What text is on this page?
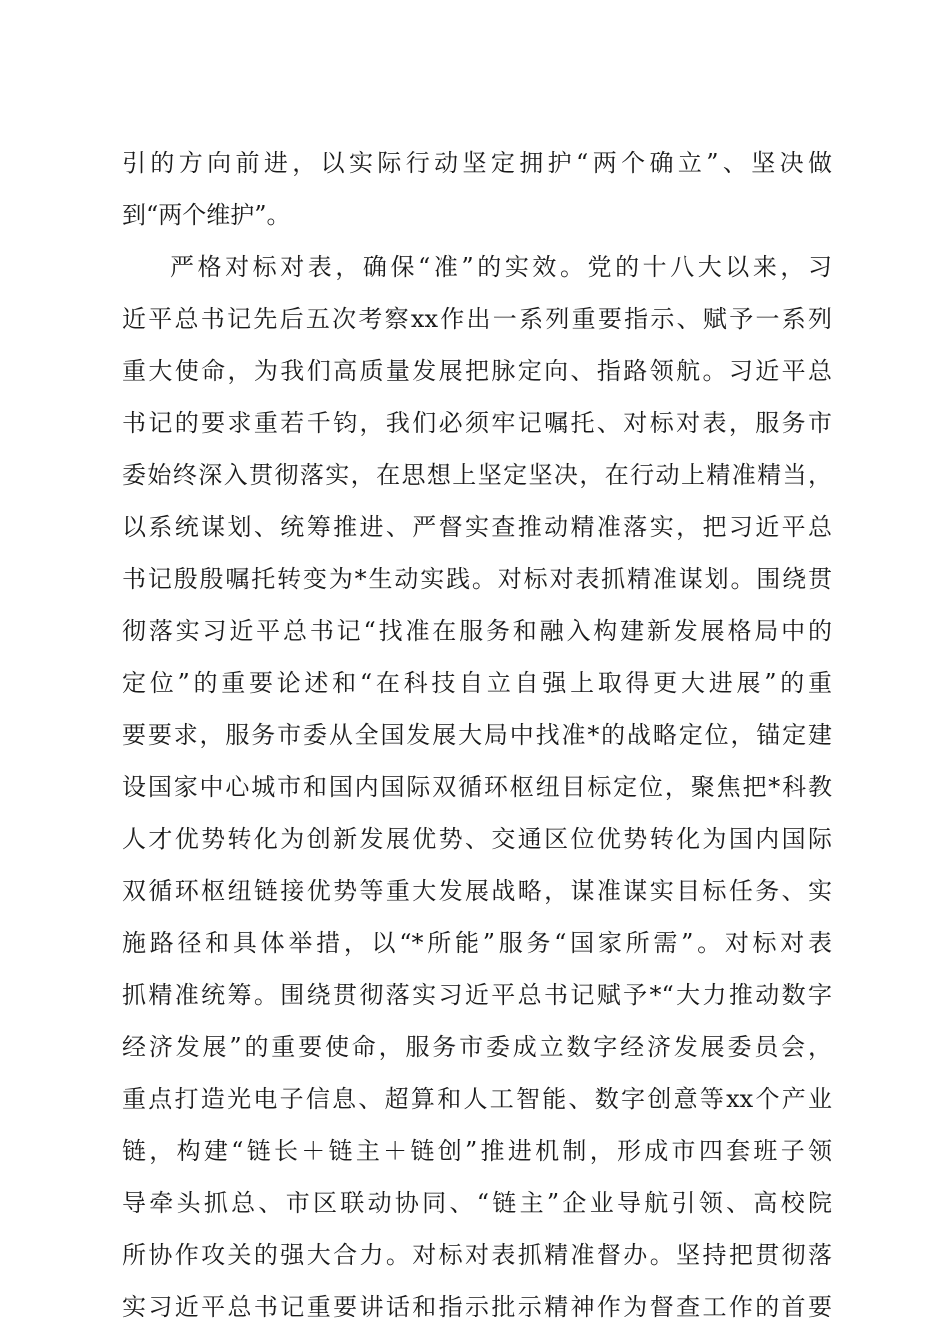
引的方向前进，以实际行动坚定拥护“两个确立”、坚决做
到“两个维护”。
严格对标对表，确保“准”的实效。党的十八大以来，习
近平总书记先后五次考察xx作出一系列重要指示、赋予一系列
重大使命，为我们高质量发展把脉定向、指路领航。习近平总
书记的要求重若千钧，我们必须牢记嘱托、对标对表，服务市
委始终深入贯彻落实，在思想上坚定坚决，在行动上精准精当，
以系统谋划、统筹推进、严督实查推动精准落实，把习近平总
书记殷殷嘱托转变为*生动实践。对标对表抓精准谋划。围绕贯
彻落实习近平总书记“找准在服务和融入构建新发展格局中的
定位”的重要论述和“在科技自立自强上取得更大进展”的重
要要求，服务市委从全国发展大局中找准*的战略定位，锚定建
设国家中心城市和国内国际双循环枢纽目标定位，聚焦把*科教
人才优势转化为创新发展优势、交通区位优势转化为国内国际
双循环枢纽链接优势等重大发展战略，谋准谋实目标任务、实
施路径和具体举措，以“*所能”服务“国家所需”。对标对表
抓精准统筹。围绕贯彻落实习近平总书记赋予*“大力推动数字
经济发展”的重要使命，服务市委成立数字经济发展委员会，
重点打造光电子信息、超算和人工智能、数字创意等xx个产业
链，构建“链长＋链主＋链创”推进机制，形成市四套班子领
导牵头抓总、市区联动协同、“链主”企业导航引领、高校院
所协作攻关的强大合力。对标对表抓精准督办。坚持把贯彻落
实习近平总书记重要讲话和指示批示精神作为督查工作的首要
